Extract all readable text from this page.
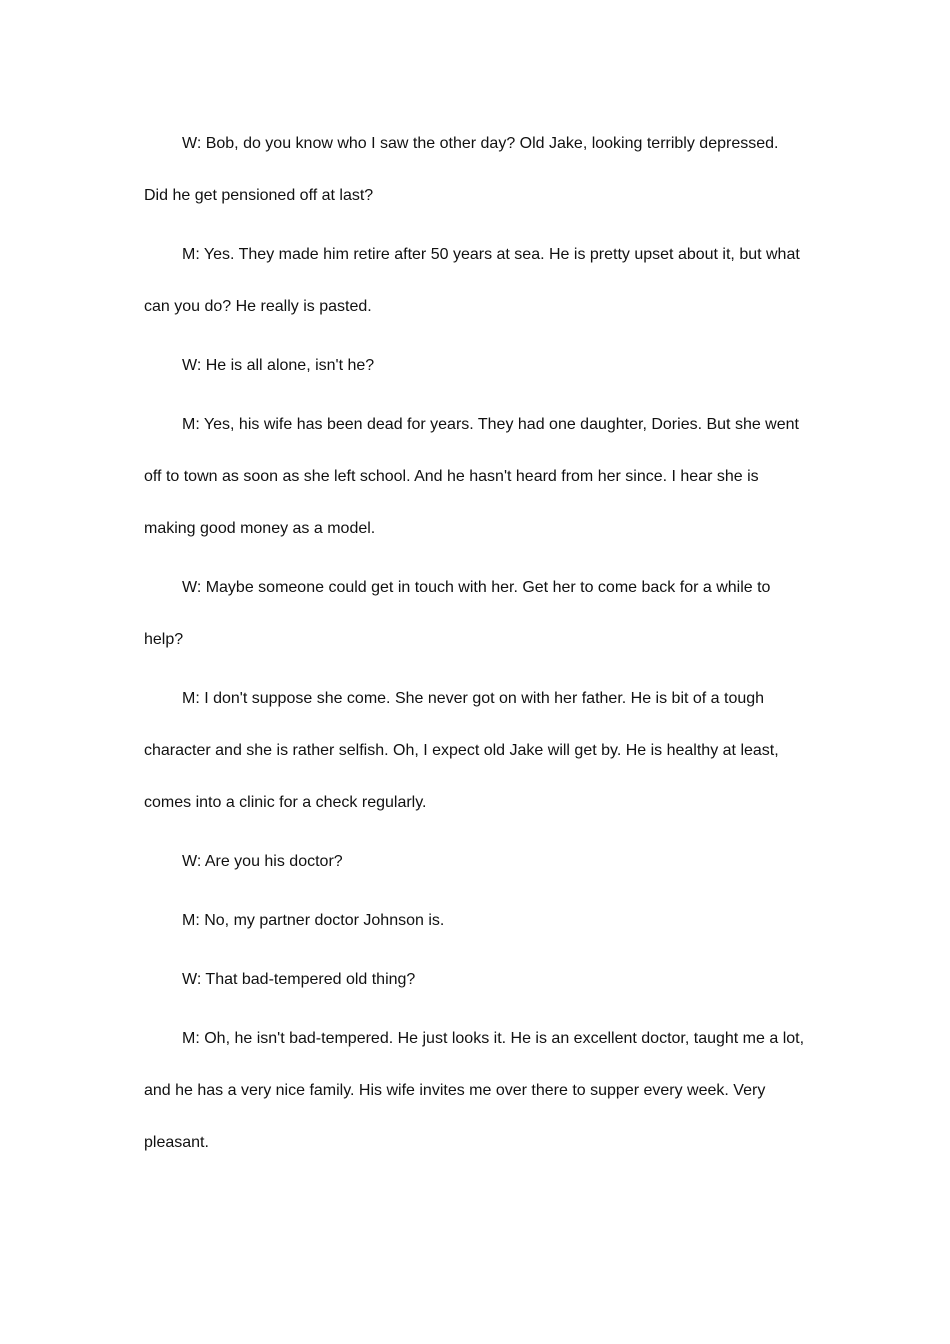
W: Bob, do you know who I saw the other day? Old Jake, looking terribly depressed. Did he get pensioned off at last?

M: Yes. They made him retire after 50 years at sea. He is pretty upset about it, but what can you do? He really is pasted.

W: He is all alone, isn't he?

M: Yes, his wife has been dead for years. They had one daughter, Dories. But she went off to town as soon as she left school. And he hasn't heard from her since. I hear she is making good money as a model.

W: Maybe someone could get in touch with her. Get her to come back for a while to help?

M: I don't suppose she come. She never got on with her father. He is bit of a tough character and she is rather selfish. Oh, I expect old Jake will get by. He is healthy at least, comes into a clinic for a check regularly.

W: Are you his doctor?

M: No, my partner doctor Johnson is.

W: That bad-tempered old thing?

M: Oh, he isn't bad-tempered. He just looks it. He is an excellent doctor, taught me a lot, and he has a very nice family. His wife invites me over there to supper every week. Very pleasant.
